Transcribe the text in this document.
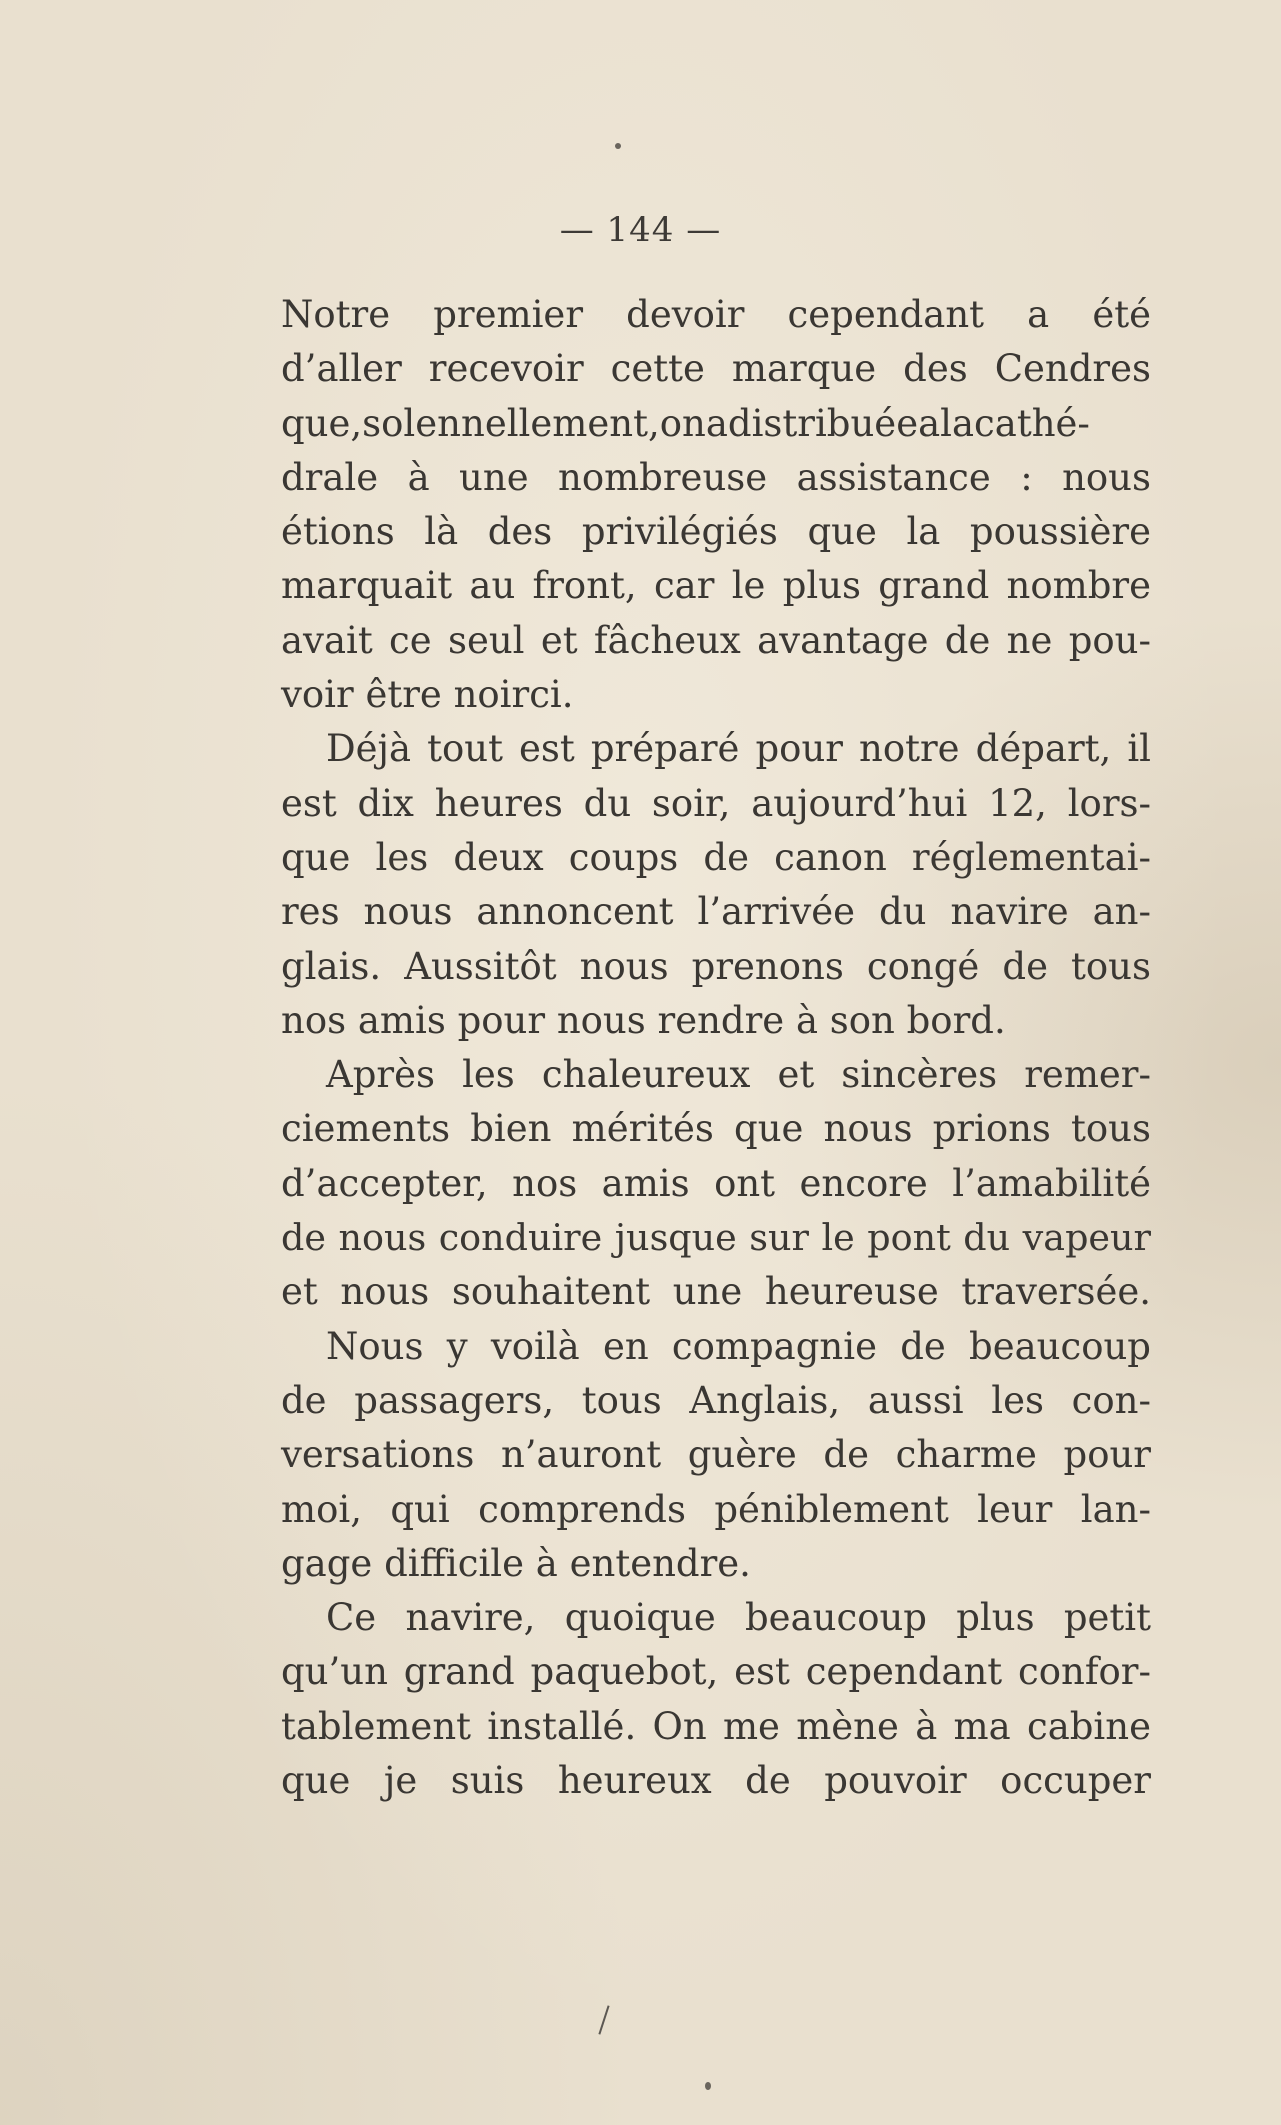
— 144 —
Notre premier devoir cependant a été
d’aller recevoir cette marque des Cendres
que,solennellement,onadistribuéealacathé-
drale à une nombreuse assistance : nous
étions là des privilégiés que la poussière
marquait au front, car le plus grand nombre
avait ce seul et fâcheux avantage de ne pou-
voir être noirci.
Déjà tout est préparé pour notre départ, il
est dix heures du soir, aujourd’hui 12, lors-
que les deux coups de canon réglementai-
res nous annoncent l’arrivée du navire an-
glais. Aussitôt nous prenons congé de tous
nos amis pour nous rendre à son bord.
Après les chaleureux et sincères remer-
ciements bien mérités que nous prions tous
d’accepter, nos amis ont encore l’amabilité
de nous conduire jusque sur le pont du vapeur
et nous souhaitent une heureuse traversée.
Nous y voilà en compagnie de beaucoup
de passagers, tous Anglais, aussi les con-
versations n’auront guère de charme pour
moi, qui comprends péniblement leur lan-
gage difficile à entendre.
Ce navire, quoique beaucoup plus petit
qu’un grand paquebot, est cependant confor-
tablement installé. On me mène à ma cabine
que je suis heureux de pouvoir occuper
